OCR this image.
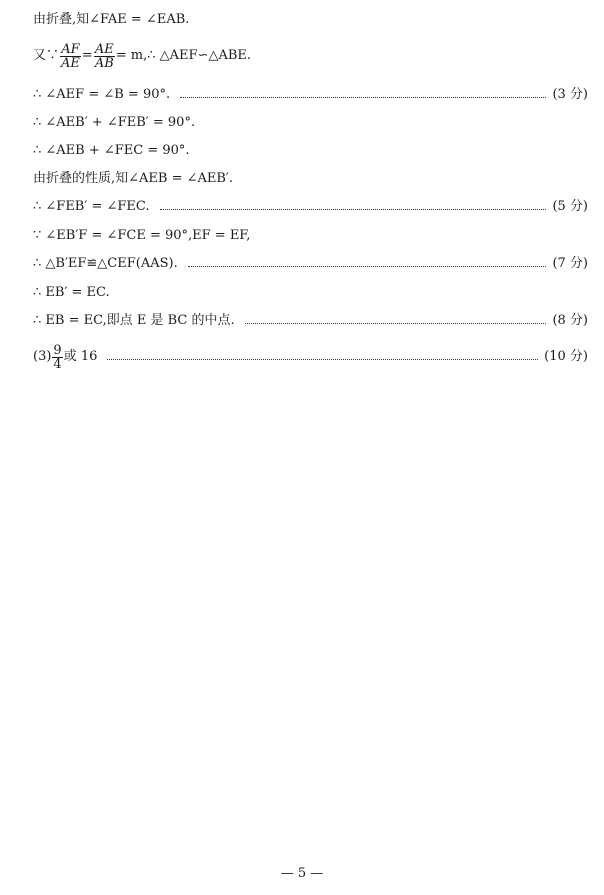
由折叠,知∠FAE = ∠EAB.
又∵ $\frac{AF}{AE} = \frac{AE}{AB}$ = m,∴ △AEF∽△ABE.
∴ ∠AEF = ∠B = 90°.	(3 分)
∴ ∠AEB′ + ∠FEB′ = 90°.
∴ ∠AEB + ∠FEC = 90°.
由折叠的性质,知∠AEB = ∠AEB′.
∴ ∠FEB′ = ∠FEC.	(5 分)
∵ ∠EB′F = ∠FCE = 90°,EF = EF,
∴ △B′EF≌△CEF(AAS).	(7 分)
∴ EB′ = EC.
∴ EB = EC,即点 E 是 BC 的中点.	(8 分)
$(3) \frac{9}{4}$ 或 16	(10 分)
— 5 —
